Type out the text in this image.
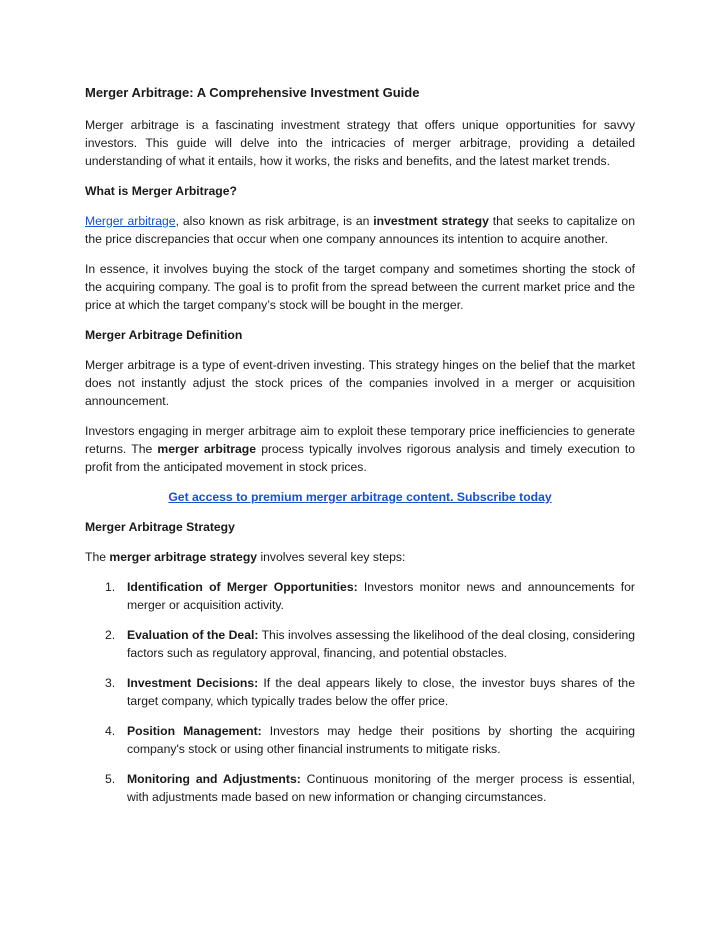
Merger Arbitrage: A Comprehensive Investment Guide

Merger arbitrage is a fascinating investment strategy that offers unique opportunities for savvy investors. This guide will delve into the intricacies of merger arbitrage, providing a detailed understanding of what it entails, how it works, the risks and benefits, and the latest market trends.

What is Merger Arbitrage?

Merger arbitrage, also known as risk arbitrage, is an investment strategy that seeks to capitalize on the price discrepancies that occur when one company announces its intention to acquire another.

In essence, it involves buying the stock of the target company and sometimes shorting the stock of the acquiring company. The goal is to profit from the spread between the current market price and the price at which the target company’s stock will be bought in the merger.

Merger Arbitrage Definition

Merger arbitrage is a type of event-driven investing. This strategy hinges on the belief that the market does not instantly adjust the stock prices of the companies involved in a merger or acquisition announcement.

Investors engaging in merger arbitrage aim to exploit these temporary price inefficiencies to generate returns. The merger arbitrage process typically involves rigorous analysis and timely execution to profit from the anticipated movement in stock prices.

Get access to premium merger arbitrage content. Subscribe today
Merger Arbitrage Strategy

The merger arbitrage strategy involves several key steps:

1. Identification of Merger Opportunities: Investors monitor news and announcements for merger or acquisition activity.
2. Evaluation of the Deal: This involves assessing the likelihood of the deal closing, considering factors such as regulatory approval, financing, and potential obstacles.
3. Investment Decisions: If the deal appears likely to close, the investor buys shares of the target company, which typically trades below the offer price.
4. Position Management: Investors may hedge their positions by shorting the acquiring company's stock or using other financial instruments to mitigate risks.
5. Monitoring and Adjustments: Continuous monitoring of the merger process is essential, with adjustments made based on new information or changing circumstances.
